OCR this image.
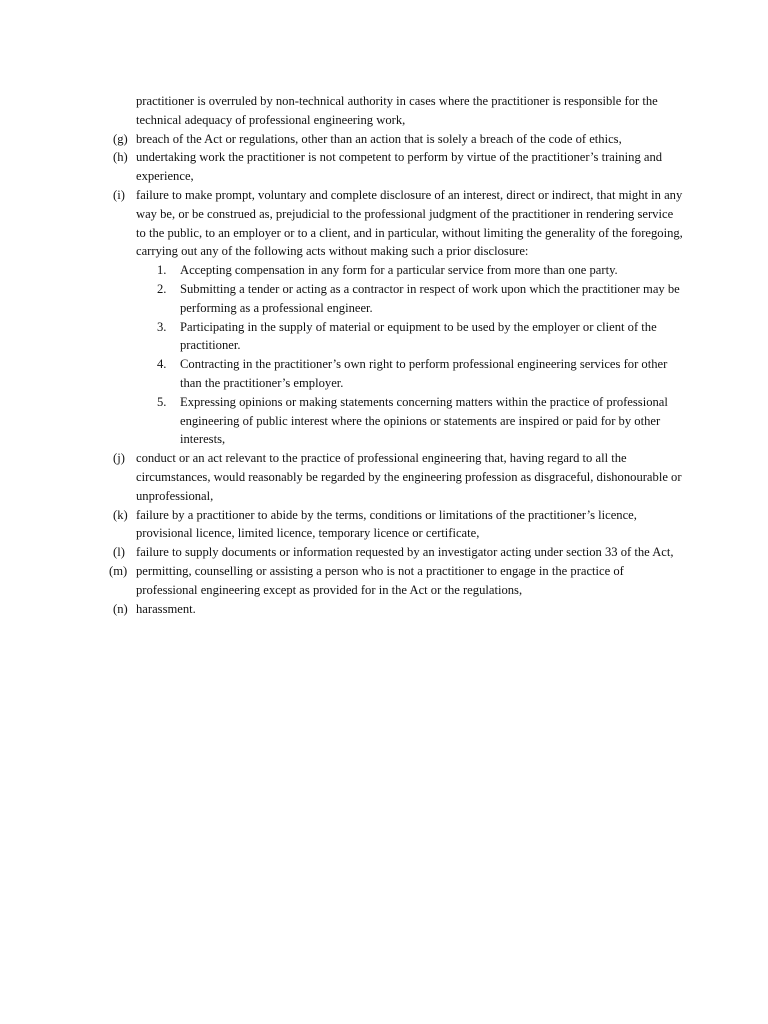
practitioner is overruled by non-technical authority in cases where the practitioner is responsible for the technical adequacy of professional engineering work,

(g) breach of the Act or regulations, other than an action that is solely a breach of the code of ethics,

(h) undertaking work the practitioner is not competent to perform by virtue of the practitioner’s training and experience,

(i) failure to make prompt, voluntary and complete disclosure of an interest, direct or indirect, that might in any way be, or be construed as, prejudicial to the professional judgment of the practitioner in rendering service to the public, to an employer or to a client, and in particular, without limiting the generality of the foregoing, carrying out any of the following acts without making such a prior disclosure:

1. Accepting compensation in any form for a particular service from more than one party.
2. Submitting a tender or acting as a contractor in respect of work upon which the practitioner may be performing as a professional engineer.
3. Participating in the supply of material or equipment to be used by the employer or client of the practitioner.
4. Contracting in the practitioner’s own right to perform professional engineering services for other than the practitioner’s employer.
5. Expressing opinions or making statements concerning matters within the practice of professional engineering of public interest where the opinions or statements are inspired or paid for by other interests,

(j) conduct or an act relevant to the practice of professional engineering that, having regard to all the circumstances, would reasonably be regarded by the engineering profession as disgraceful, dishonourable or unprofessional,

(k) failure by a practitioner to abide by the terms, conditions or limitations of the practitioner’s licence, provisional licence, limited licence, temporary licence or certificate,

(l) failure to supply documents or information requested by an investigator acting under section 33 of the Act,

(m) permitting, counselling or assisting a person who is not a practitioner to engage in the practice of professional engineering except as provided for in the Act or the regulations,

(n) harassment.
